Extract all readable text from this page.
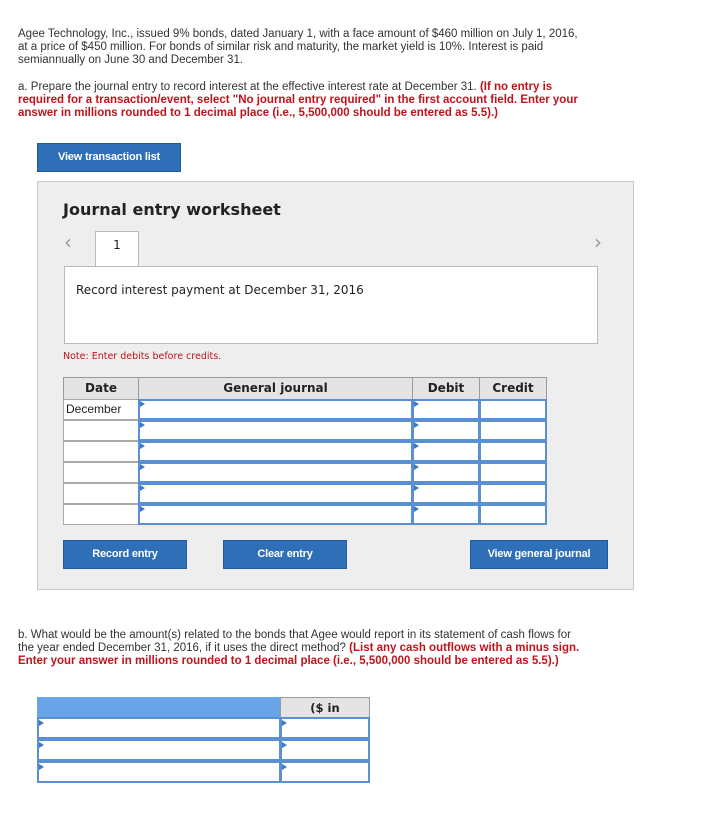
Agee Technology, Inc., issued 9% bonds, dated January 1, with a face amount of $460 million on July 1, 2016, at a price of $450 million. For bonds of similar risk and maturity, the market yield is 10%. Interest is paid semiannually on June 30 and December 31.
a. Prepare the journal entry to record interest at the effective interest rate at December 31. (If no entry is required for a transaction/event, select "No journal entry required" in the first account field. Enter your answer in millions rounded to 1 decimal place (i.e., 5,500,000 should be entered as 5.5).)
View transaction list
Journal entry worksheet
‹	1	›
Record interest payment at December 31, 2016
Note: Enter debits before credits.
Date	General journal	Debit	Credit
December
Record entry	Clear entry	View general journal
b. What would be the amount(s) related to the bonds that Agee would report in its statement of cash flows for the year ended December 31, 2016, if it uses the direct method? (List any cash outflows with a minus sign. Enter your answer in millions rounded to 1 decimal place (i.e., 5,500,000 should be entered as 5.5).)
($ in
